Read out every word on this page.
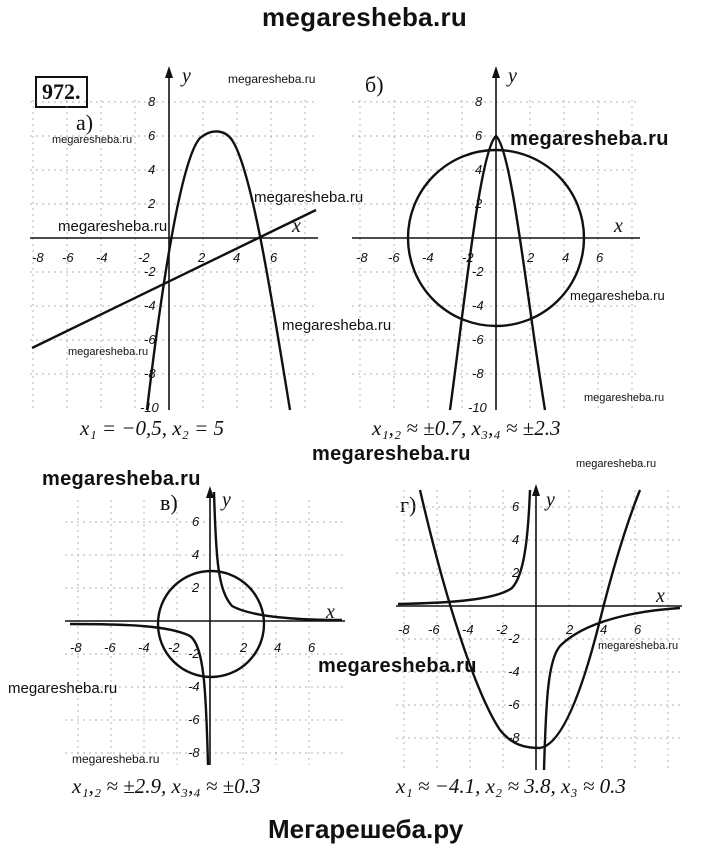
megaresheba.ru
972.
а)
б)
в)	г)
x
y
-8 -6 -4 -2	2 4 6
8
6
4
2
-2
-4
-6
-8
-10
x
y
-8 -6 -4 -2	2 4 6
8
6
4
2
-2
-4
-6
-8
-10
x
y
-8 -6 -4 -2	2 4 6
6
4
2
-2
-4
-6
-8
x
y
-8 -6 -4 -2	2 4 6
6
4
2
-2
-4
-6
-8
megaresheba.ru
megaresheba.ru
megaresheba.ru
megaresheba.ru
megaresheba.ru
megaresheba.ru
megaresheba.ru
megaresheba.ru
megaresheba.ru
megaresheba.ru	megaresheba.ru
megaresheba.ru
megaresheba.ru
megaresheba.ru
megaresheba.ru
megaresheba.ru
x₁ = −0,5, x₂ = 5	x₁,₂ ≈ ±0.7, x₃,₄ ≈ ±2.3
x₁,₂ ≈ ±2.9, x₃,₄ ≈ ±0.3	x₁ ≈ −4.1, x₂ ≈ 3.8, x₃ ≈ 0.3
Мегарешеба.ру
